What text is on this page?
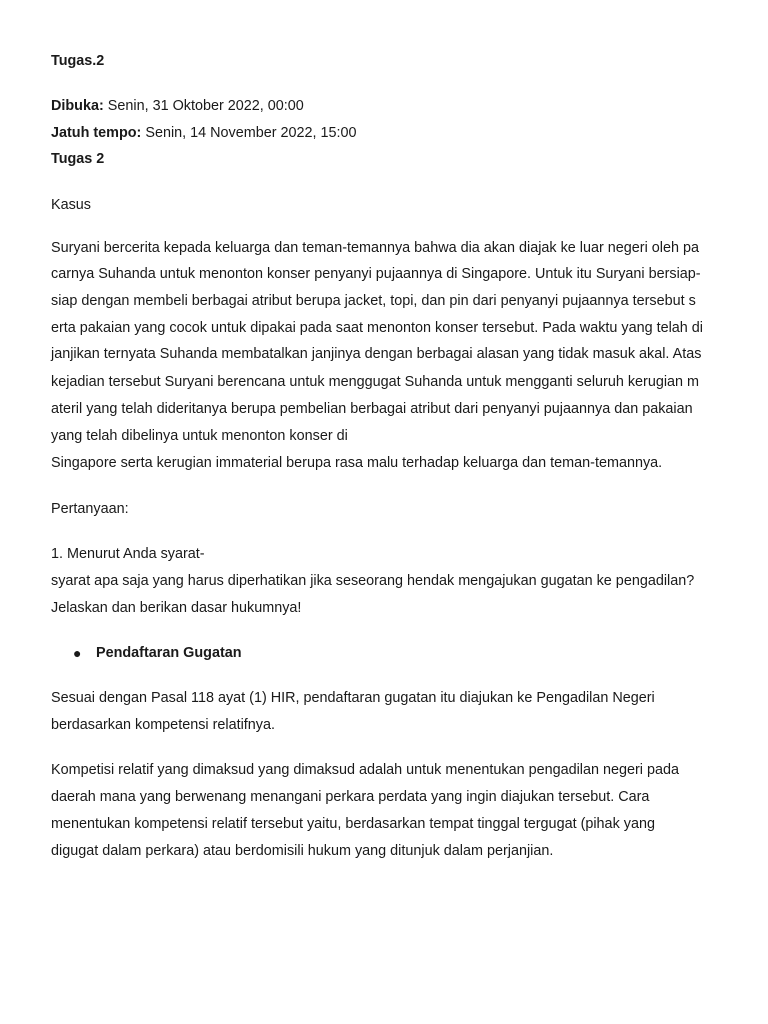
Tugas.2
Dibuka: Senin, 31 Oktober 2022, 00:00
Jatuh tempo: Senin, 14 November 2022, 15:00
Tugas 2
Kasus
Suryani bercerita kepada keluarga dan teman-temannya bahwa dia akan diajak ke luar negeri oleh pa
carnya Suhanda untuk menonton konser penyanyi pujaannya di Singapore. Untuk itu Suryani bersiap-
siap dengan membeli berbagai atribut berupa jacket, topi, dan pin dari penyanyi pujaannya tersebut s
erta pakaian yang cocok untuk dipakai pada saat menonton konser tersebut. Pada waktu yang telah di
janjikan ternyata Suhanda membatalkan janjinya dengan berbagai alasan yang tidak masuk akal. Atas
kejadian tersebut Suryani berencana untuk menggugat Suhanda untuk mengganti seluruh kerugian m
ateril yang telah dideritanya berupa pembelian berbagai atribut dari penyanyi pujaannya dan pakaian
yang telah dibelinya untuk menonton konser di
Singapore serta kerugian immaterial berupa rasa malu terhadap keluarga dan teman-temannya.
Pertanyaan:
1. Menurut Anda syarat-
syarat apa saja yang harus diperhatikan jika seseorang hendak mengajukan gugatan ke pengadilan?
Jelaskan dan berikan dasar hukumnya!
● Pendaftaran Gugatan
Sesuai dengan Pasal 118 ayat (1) HIR, pendaftaran gugatan itu diajukan ke Pengadilan Negeri
berdasarkan kompetensi relatifnya.
Kompetisi relatif yang dimaksud yang dimaksud adalah untuk menentukan pengadilan negeri pada
daerah mana yang berwenang menangani perkara perdata yang ingin diajukan tersebut. Cara
menentukan kompetensi relatif tersebut yaitu, berdasarkan tempat tinggal tergugat (pihak yang
digugat dalam perkara) atau berdomisili hukum yang ditunjuk dalam perjanjian.
